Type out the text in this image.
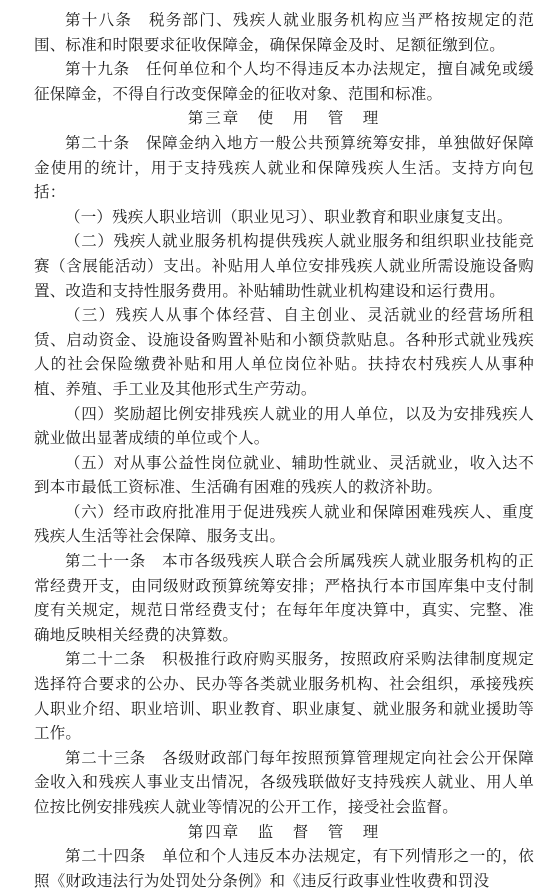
第十八条　税务部门、残疾人就业服务机构应当严格按规定的范围、标准和时限要求征收保障金，确保保障金及时、足额征缴到位。

第十九条　任何单位和个人均不得违反本办法规定，擅自减免或缓征保障金，不得自行改变保障金的征收对象、范围和标准。

第三章　使　用　管　理

第二十条　保障金纳入地方一般公共预算统筹安排，单独做好保障金使用的统计，用于支持残疾人就业和保障残疾人生活。支持方向包括：

（一）残疾人职业培训（职业见习）、职业教育和职业康复支出。

（二）残疾人就业服务机构提供残疾人就业服务和组织职业技能竞赛（含展能活动）支出。补贴用人单位安排残疾人就业所需设施设备购置、改造和支持性服务费用。补贴辅助性就业机构建设和运行费用。

（三）残疾人从事个体经营、自主创业、灵活就业的经营场所租赁、启动资金、设施设备购置补贴和小额贷款贴息。各种形式就业残疾人的社会保险缴费补贴和用人单位岗位补贴。扶持农村残疾人从事种植、养殖、手工业及其他形式生产劳动。

（四）奖励超比例安排残疾人就业的用人单位，以及为安排残疾人就业做出显著成绩的单位或个人。

（五）对从事公益性岗位就业、辅助性就业、灵活就业，收入达不到本市最低工资标准、生活确有困难的残疾人的救济补助。

（六）经市政府批准用于促进残疾人就业和保障困难残疾人、重度残疾人生活等社会保障、服务支出。

第二十一条　本市各级残疾人联合会所属残疾人就业服务机构的正常经费开支，由同级财政预算统筹安排；严格执行本市国库集中支付制度有关规定，规范日常经费支付；在每年年度决算中，真实、完整、准确地反映相关经费的决算数。

第二十二条　积极推行政府购买服务，按照政府采购法律制度规定选择符合要求的公办、民办等各类就业服务机构、社会组织，承接残疾人职业介绍、职业培训、职业教育、职业康复、就业服务和就业援助等工作。

第二十三条　各级财政部门每年按照预算管理规定向社会公开保障金收入和残疾人事业支出情况，各级残联做好支持残疾人就业、用人单位按比例安排残疾人就业等情况的公开工作，接受社会监督。

第四章　监　督　管　理

第二十四条　单位和个人违反本办法规定，有下列情形之一的，依照《财政违法行为处罚处分条例》和《违反行政事业性收费和罚没
